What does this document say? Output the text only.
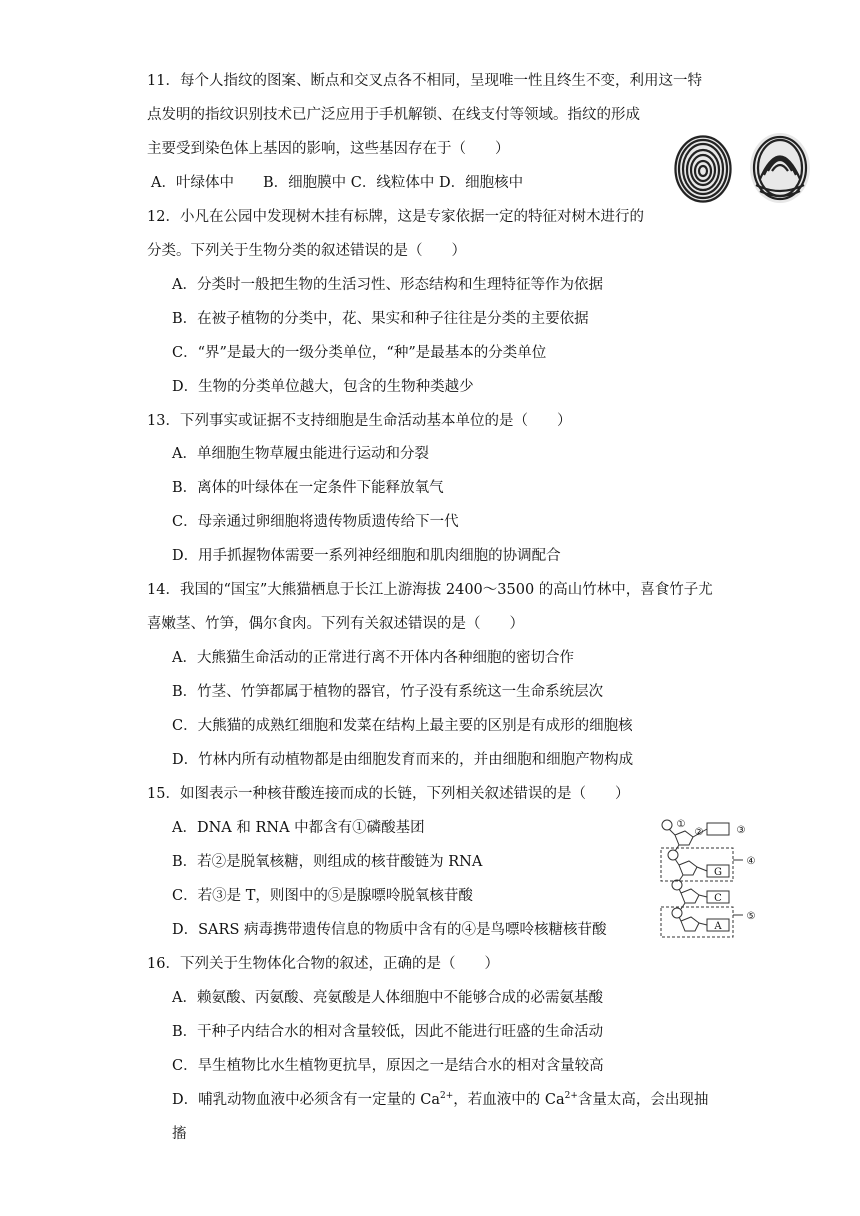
11．每个人指纹的图案、断点和交叉点各不相同，呈现唯一性且终生不变，利用这一特
点发明的指纹识别技术已广泛应用于手机解锁、在线支付等领域。指纹的形成
主要受到染色体上基因的影响，这些基因存在于（　　）
A．叶绿体中　　B．细胞膜中 C．线粒体中 D．细胞核中
12．小凡在公园中发现树木挂有标牌，这是专家依据一定的特征对树木进行的
分类。下列关于生物分类的叙述错误的是（　　）
A．分类时一般把生物的生活习性、形态结构和生理特征等作为依据
B．在被子植物的分类中，花、果实和种子往往是分类的主要依据
C．“界”是最大的一级分类单位，“种”是最基本的分类单位
D．生物的分类单位越大，包含的生物种类越少
13．下列事实或证据不支持细胞是生命活动基本单位的是（　　）
A．单细胞生物草履虫能进行运动和分裂
B．离体的叶绿体在一定条件下能释放氧气
C．母亲通过卵细胞将遗传物质遗传给下一代
D．用手抓握物体需要一系列神经细胞和肌肉细胞的协调配合
14．我国的“国宝”大熊猫栖息于长江上游海拔 2400～3500 的高山竹林中，喜食竹子尤
喜嫩茎、竹笋，偶尔食肉。下列有关叙述错误的是（　　）
A．大熊猫生命活动的正常进行离不开体内各种细胞的密切合作
B．竹茎、竹笋都属于植物的器官，竹子没有系统这一生命系统层次
C．大熊猫的成熟红细胞和发菜在结构上最主要的区别是有成形的细胞核
D．竹林内所有动植物都是由细胞发育而来的，并由细胞和细胞产物构成
15．如图表示一种核苷酸连接而成的长链，下列相关叙述错误的是（　　）
A．DNA 和 RNA 中都含有①磷酸基团
B．若②是脱氧核糖，则组成的核苷酸链为 RNA
C．若③是 T，则图中的⑤是腺嘌呤脱氧核苷酸
D．SARS 病毒携带遗传信息的物质中含有的④是鸟嘌呤核糖核苷酸
①
②	③
④
⑤
G
C
A
16．下列关于生物体化合物的叙述，正确的是（　　）
A．赖氨酸、丙氨酸、亮氨酸是人体细胞中不能够合成的必需氨基酸
B．干种子内结合水的相对含量较低，因此不能进行旺盛的生命活动
C．旱生植物比水生植物更抗旱，原因之一是结合水的相对含量较高
D．哺乳动物血液中必须含有一定量的 $Ca^{2+}$，若血液中的 $Ca^{2+}$含量太高，会出现抽
搐
